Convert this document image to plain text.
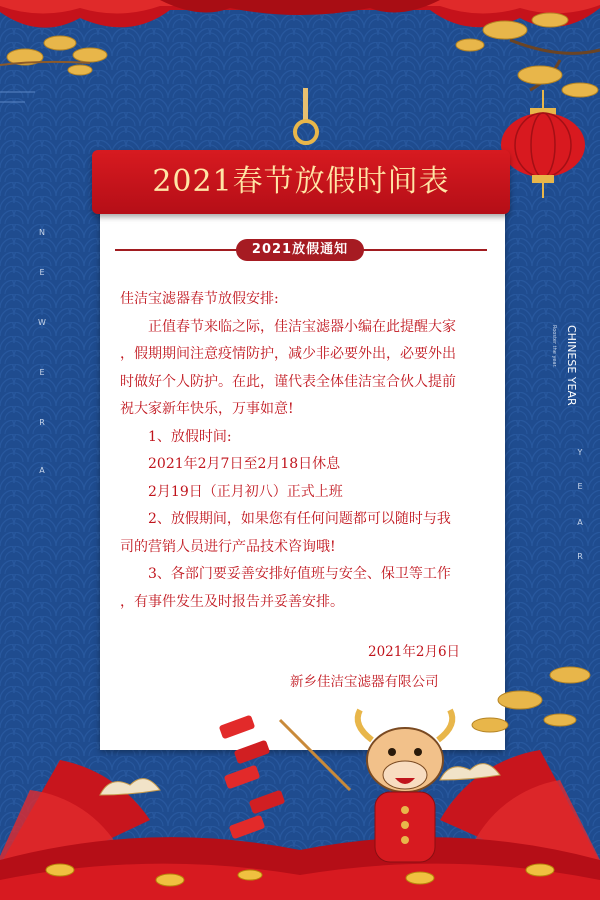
N
E
W
E
R
A
CHINESE YEAR
Rooster the year.
Y
E
A
R
2021春节放假时间表
2021放假通知

佳洁宝滤器春节放假安排:

正值春节来临之际，佳洁宝滤器小编在此提醒大家

，假期期间注意疫情防护，减少非必要外出，必要外出

时做好个人防护。在此，谨代表全体佳洁宝合伙人提前

祝大家新年快乐，万事如意!

1、放假时间:

2021年2月7日至2月18日休息

2月19日（正月初八）正式上班

2、放假期间，如果您有任何问题都可以随时与我

司的营销人员进行产品技术咨询哦!

3、各部门要妥善安排好值班与安全、保卫等工作

，有事件发生及时报告并妥善安排。

2021年2月6日
新乡佳洁宝滤器有限公司
